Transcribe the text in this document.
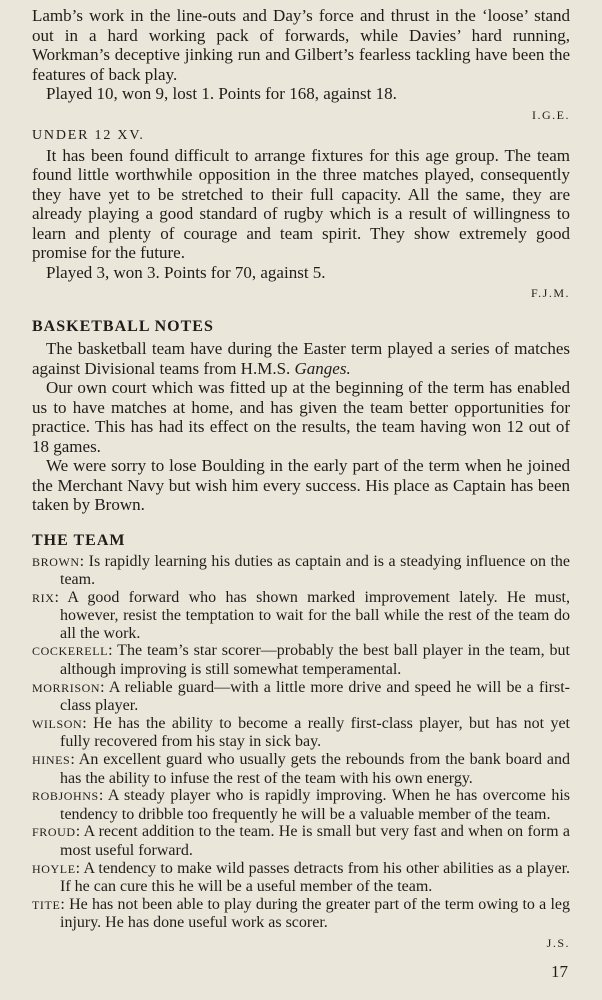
Lamb’s work in the line-outs and Day’s force and thrust in the ‘loose’ stand out in a hard working pack of forwards, while Davies’ hard running, Workman’s deceptive jinking run and Gilbert’s fearless tackling have been the features of back play.

Played 10, won 9, lost 1. Points for 168, against 18.

I.G.E.
UNDER 12 XV.

It has been found difficult to arrange fixtures for this age group. The team found little worthwhile opposition in the three matches played, consequently they have yet to be stretched to their full capacity. All the same, they are already playing a good standard of rugby which is a result of willingness to learn and plenty of courage and team spirit. They show extremely good promise for the future.

Played 3, won 3. Points for 70, against 5.

F.J.M.
BASKETBALL NOTES

The basketball team have during the Easter term played a series of matches against Divisional teams from H.M.S. Ganges.

Our own court which was fitted up at the beginning of the term has enabled us to have matches at home, and has given the team better opportunities for practice. This has had its effect on the results, the team having won 12 out of 18 games.

We were sorry to lose Boulding in the early part of the term when he joined the Merchant Navy but wish him every success. His place as Captain has been taken by Brown.

THE TEAM
BROWN: Is rapidly learning his duties as captain and is a steadying influence on the team.
RIX: A good forward who has shown marked improvement lately. He must, however, resist the temptation to wait for the ball while the rest of the team do all the work.
COCKERELL: The team’s star scorer—probably the best ball player in the team, but although improving is still somewhat temperamental.
MORRISON: A reliable guard—with a little more drive and speed he will be a first-class player.
WILSON: He has the ability to become a really first-class player, but has not yet fully recovered from his stay in sick bay.
HINES: An excellent guard who usually gets the rebounds from the bank board and has the ability to infuse the rest of the team with his own energy.
ROBJOHNS: A steady player who is rapidly improving. When he has overcome his tendency to dribble too frequently he will be a valuable member of the team.
FROUD: A recent addition to the team. He is small but very fast and when on form a most useful forward.
HOYLE: A tendency to make wild passes detracts from his other abilities as a player. If he can cure this he will be a useful member of the team.
TITE: He has not been able to play during the greater part of the term owing to a leg injury. He has done useful work as scorer.
J.S.
17
